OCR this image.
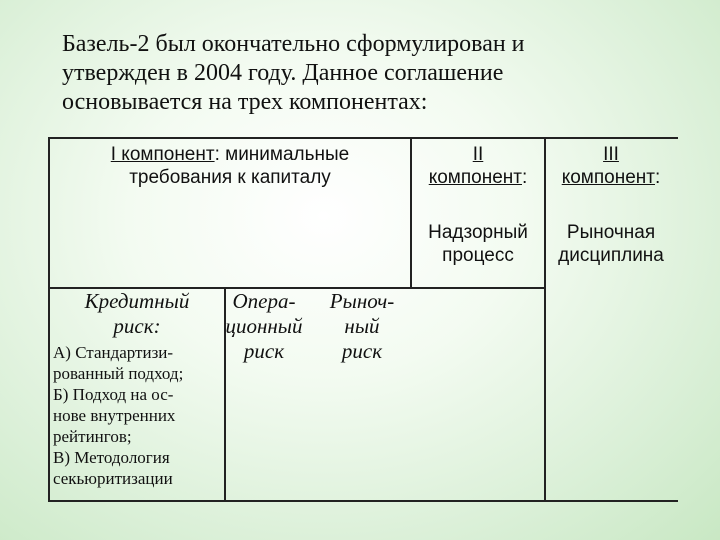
Базель-2 был окончательно сформулирован и
утвержден в 2004 году. Данное соглашение
основывается на трех компонентах:
I компонент: минимальные
требования к капиталу
II
компонент:
Надзорный
процесс
III
компонент:
Рыночная
дисциплина
Кредитный
риск:
А) Стандартизи-
рованный подход;
Б) Подход на ос-
нове внутренних
рейтингов;
В) Методология
секьюритизации
Опера-
ционный
риск
Рыноч-
ный
риск
